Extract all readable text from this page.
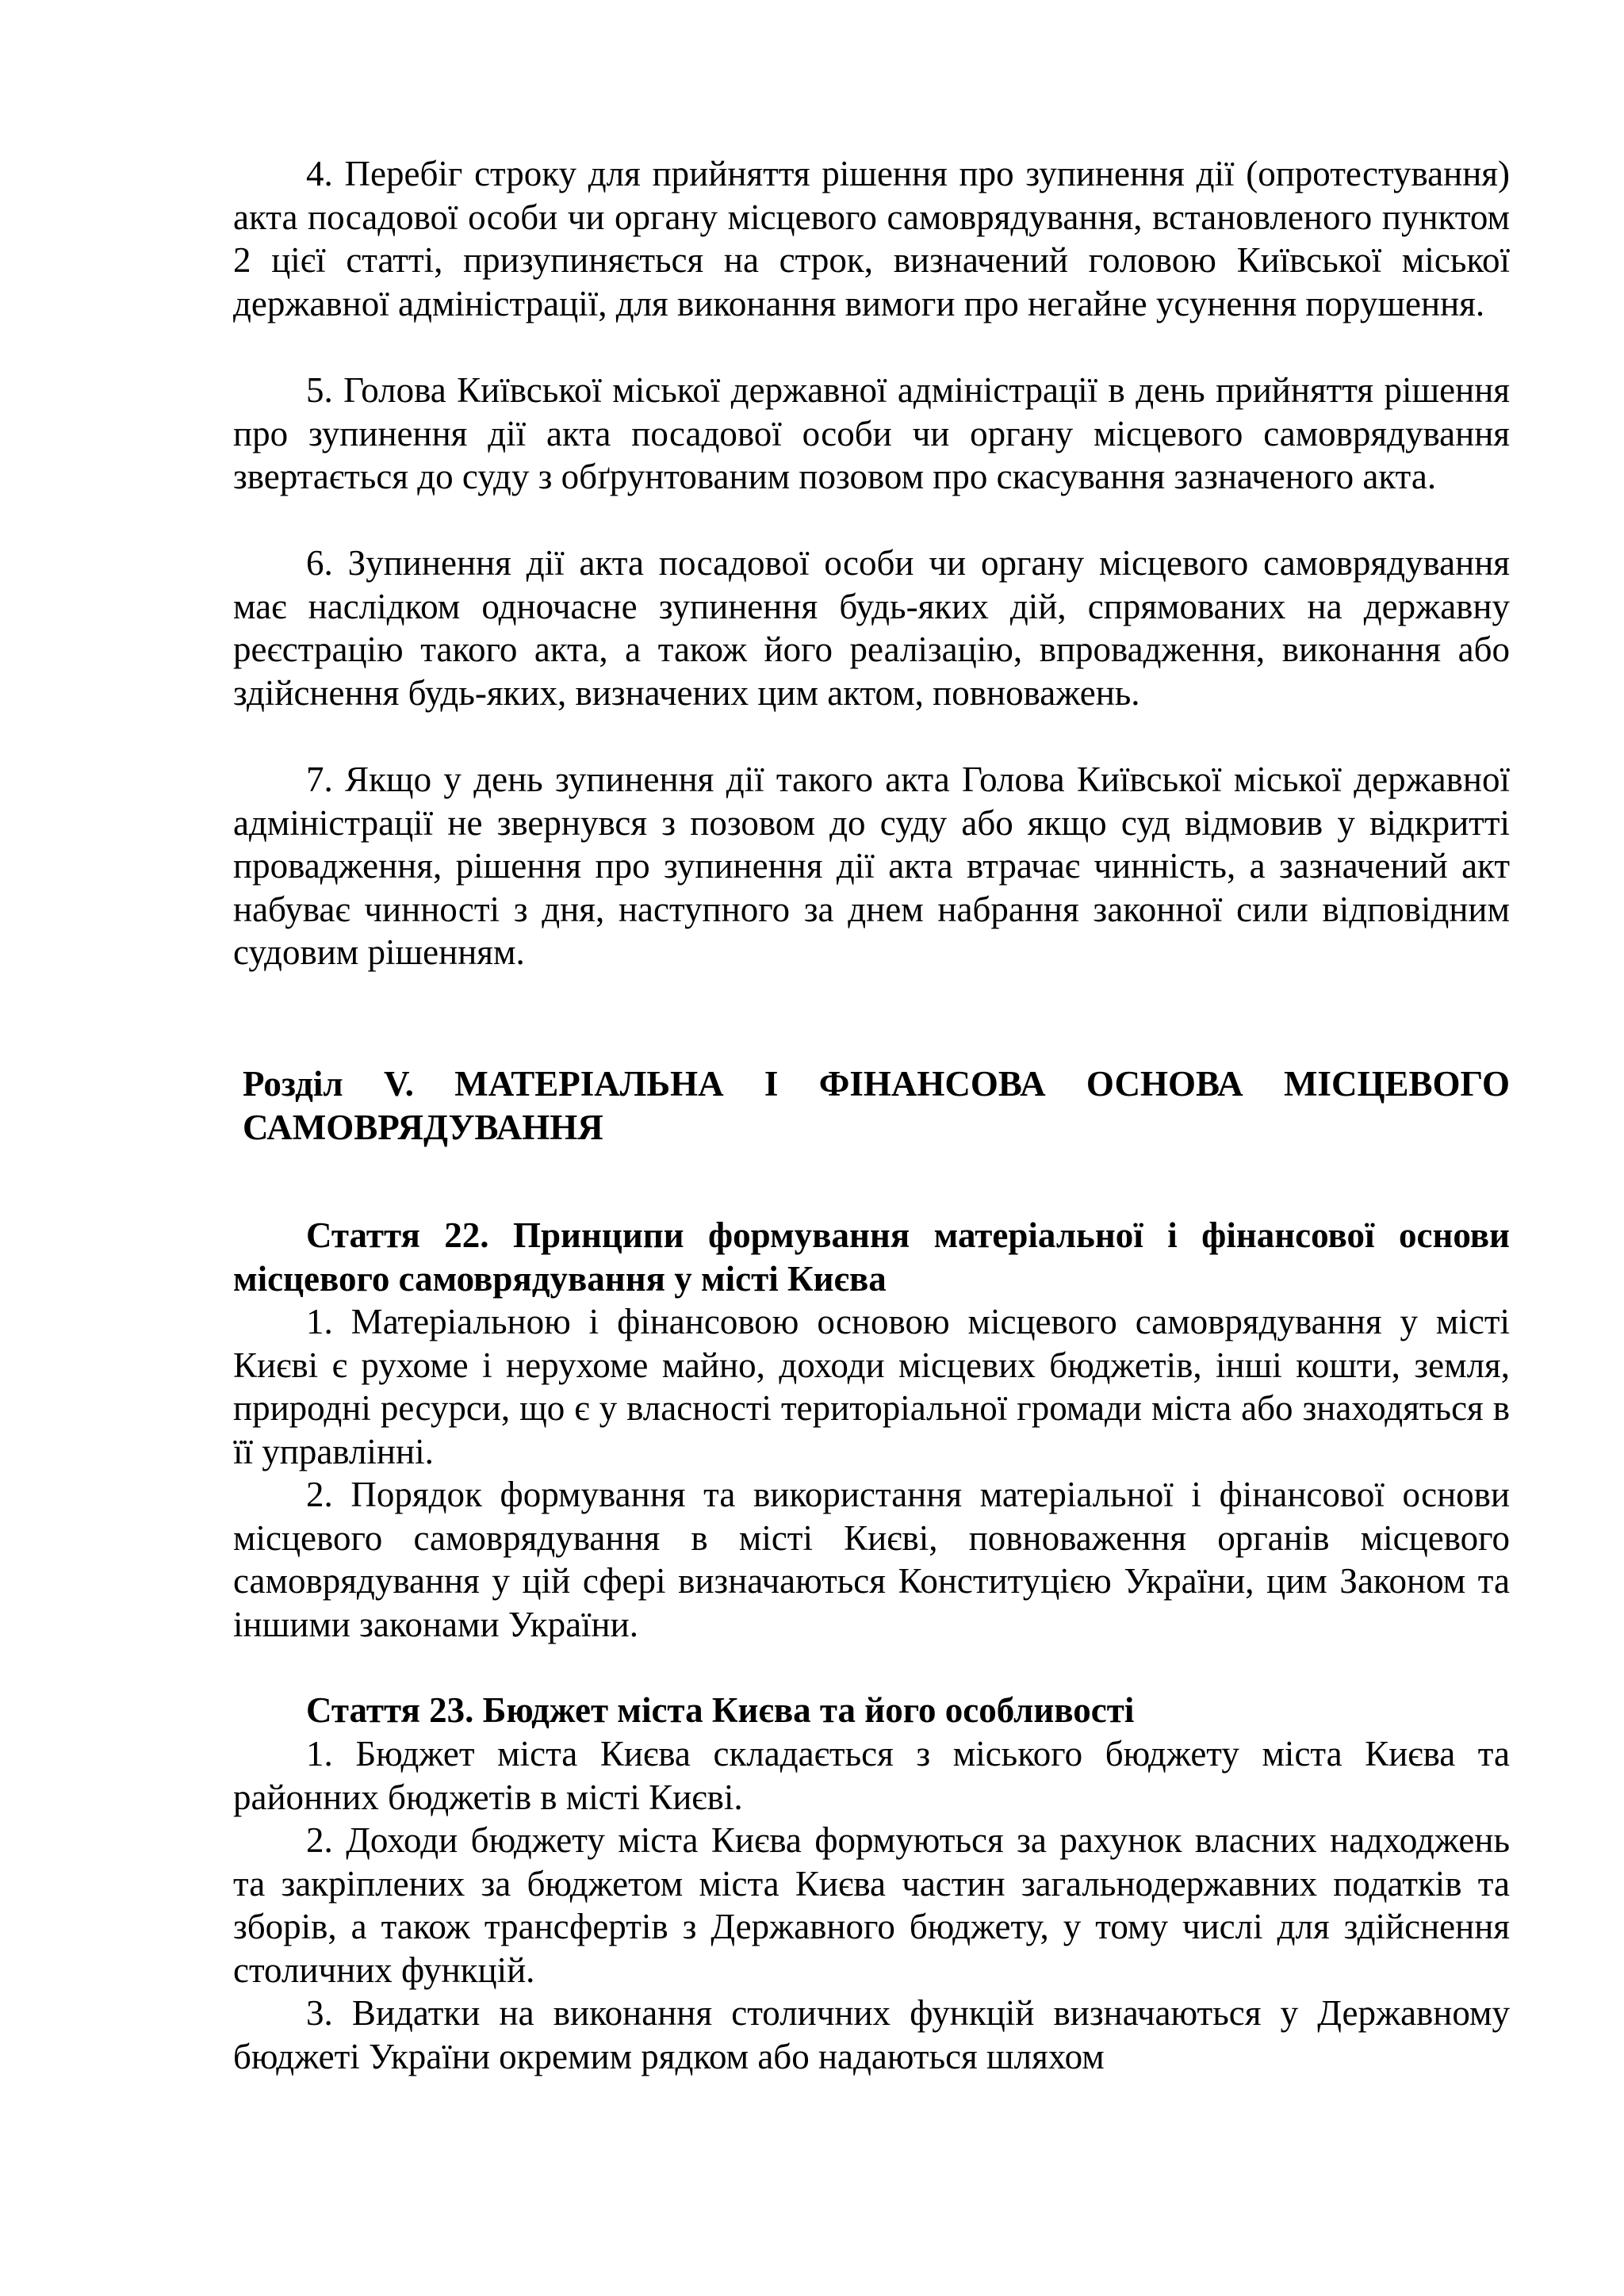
4. Перебіг строку для прийняття рішення про зупинення дії (опротестування) акта посадової особи чи органу місцевого самоврядування, встановленого пунктом 2 цієї статті, призупиняється на строк, визначений головою Київської міської державної адміністрації, для виконання вимоги про негайне усунення порушення.

5. Голова Київської міської державної адміністрації в день прийняття рішення про зупинення дії акта посадової особи чи органу місцевого самоврядування звертається до суду з обґрунтованим позовом про скасування зазначеного акта.

6. Зупинення дії акта посадової особи чи органу місцевого самоврядування має наслідком одночасне зупинення будь-яких дій, спрямованих на державну реєстрацію такого акта, а також його реалізацію, впровадження, виконання або здійснення будь-яких, визначених цим актом, повноважень.

7. Якщо у день зупинення дії такого акта Голова Київської міської державної адміністрації не звернувся з позовом до суду або якщо суд відмовив у відкритті провадження, рішення про зупинення дії акта втрачає чинність, а зазначений акт набуває чинності з дня, наступного за днем набрання законної сили відповідним судовим рішенням.

Розділ V. МАТЕРІАЛЬНА І ФІНАНСОВА ОСНОВА МІСЦЕВОГО САМОВРЯДУВАННЯ
Стаття 22. Принципи формування матеріальної і фінансової основи місцевого самоврядування у місті Києва

1. Матеріальною і фінансовою основою місцевого самоврядування у місті Києві є рухоме і нерухоме майно, доходи місцевих бюджетів, інші кошти, земля, природні ресурси, що є у власності територіальної громади міста або знаходяться в її управлінні.

2. Порядок формування та використання матеріальної і фінансової основи місцевого самоврядування в місті Києві, повноваження органів місцевого самоврядування у цій сфері визначаються Конституцією України, цим Законом та іншими законами України.

Стаття 23. Бюджет міста Києва та його особливості

1. Бюджет міста Києва складається з міського бюджету міста Києва та районних бюджетів в місті Києві.

2. Доходи бюджету міста Києва формуються за рахунок власних надходжень та закріплених за бюджетом міста Києва частин загальнодержавних податків та зборів, а також трансфертів з Державного бюджету, у тому числі для здійснення столичних функцій.

3. Видатки на виконання столичних функцій визначаються у Державному бюджеті України окремим рядком або надаються шляхом
